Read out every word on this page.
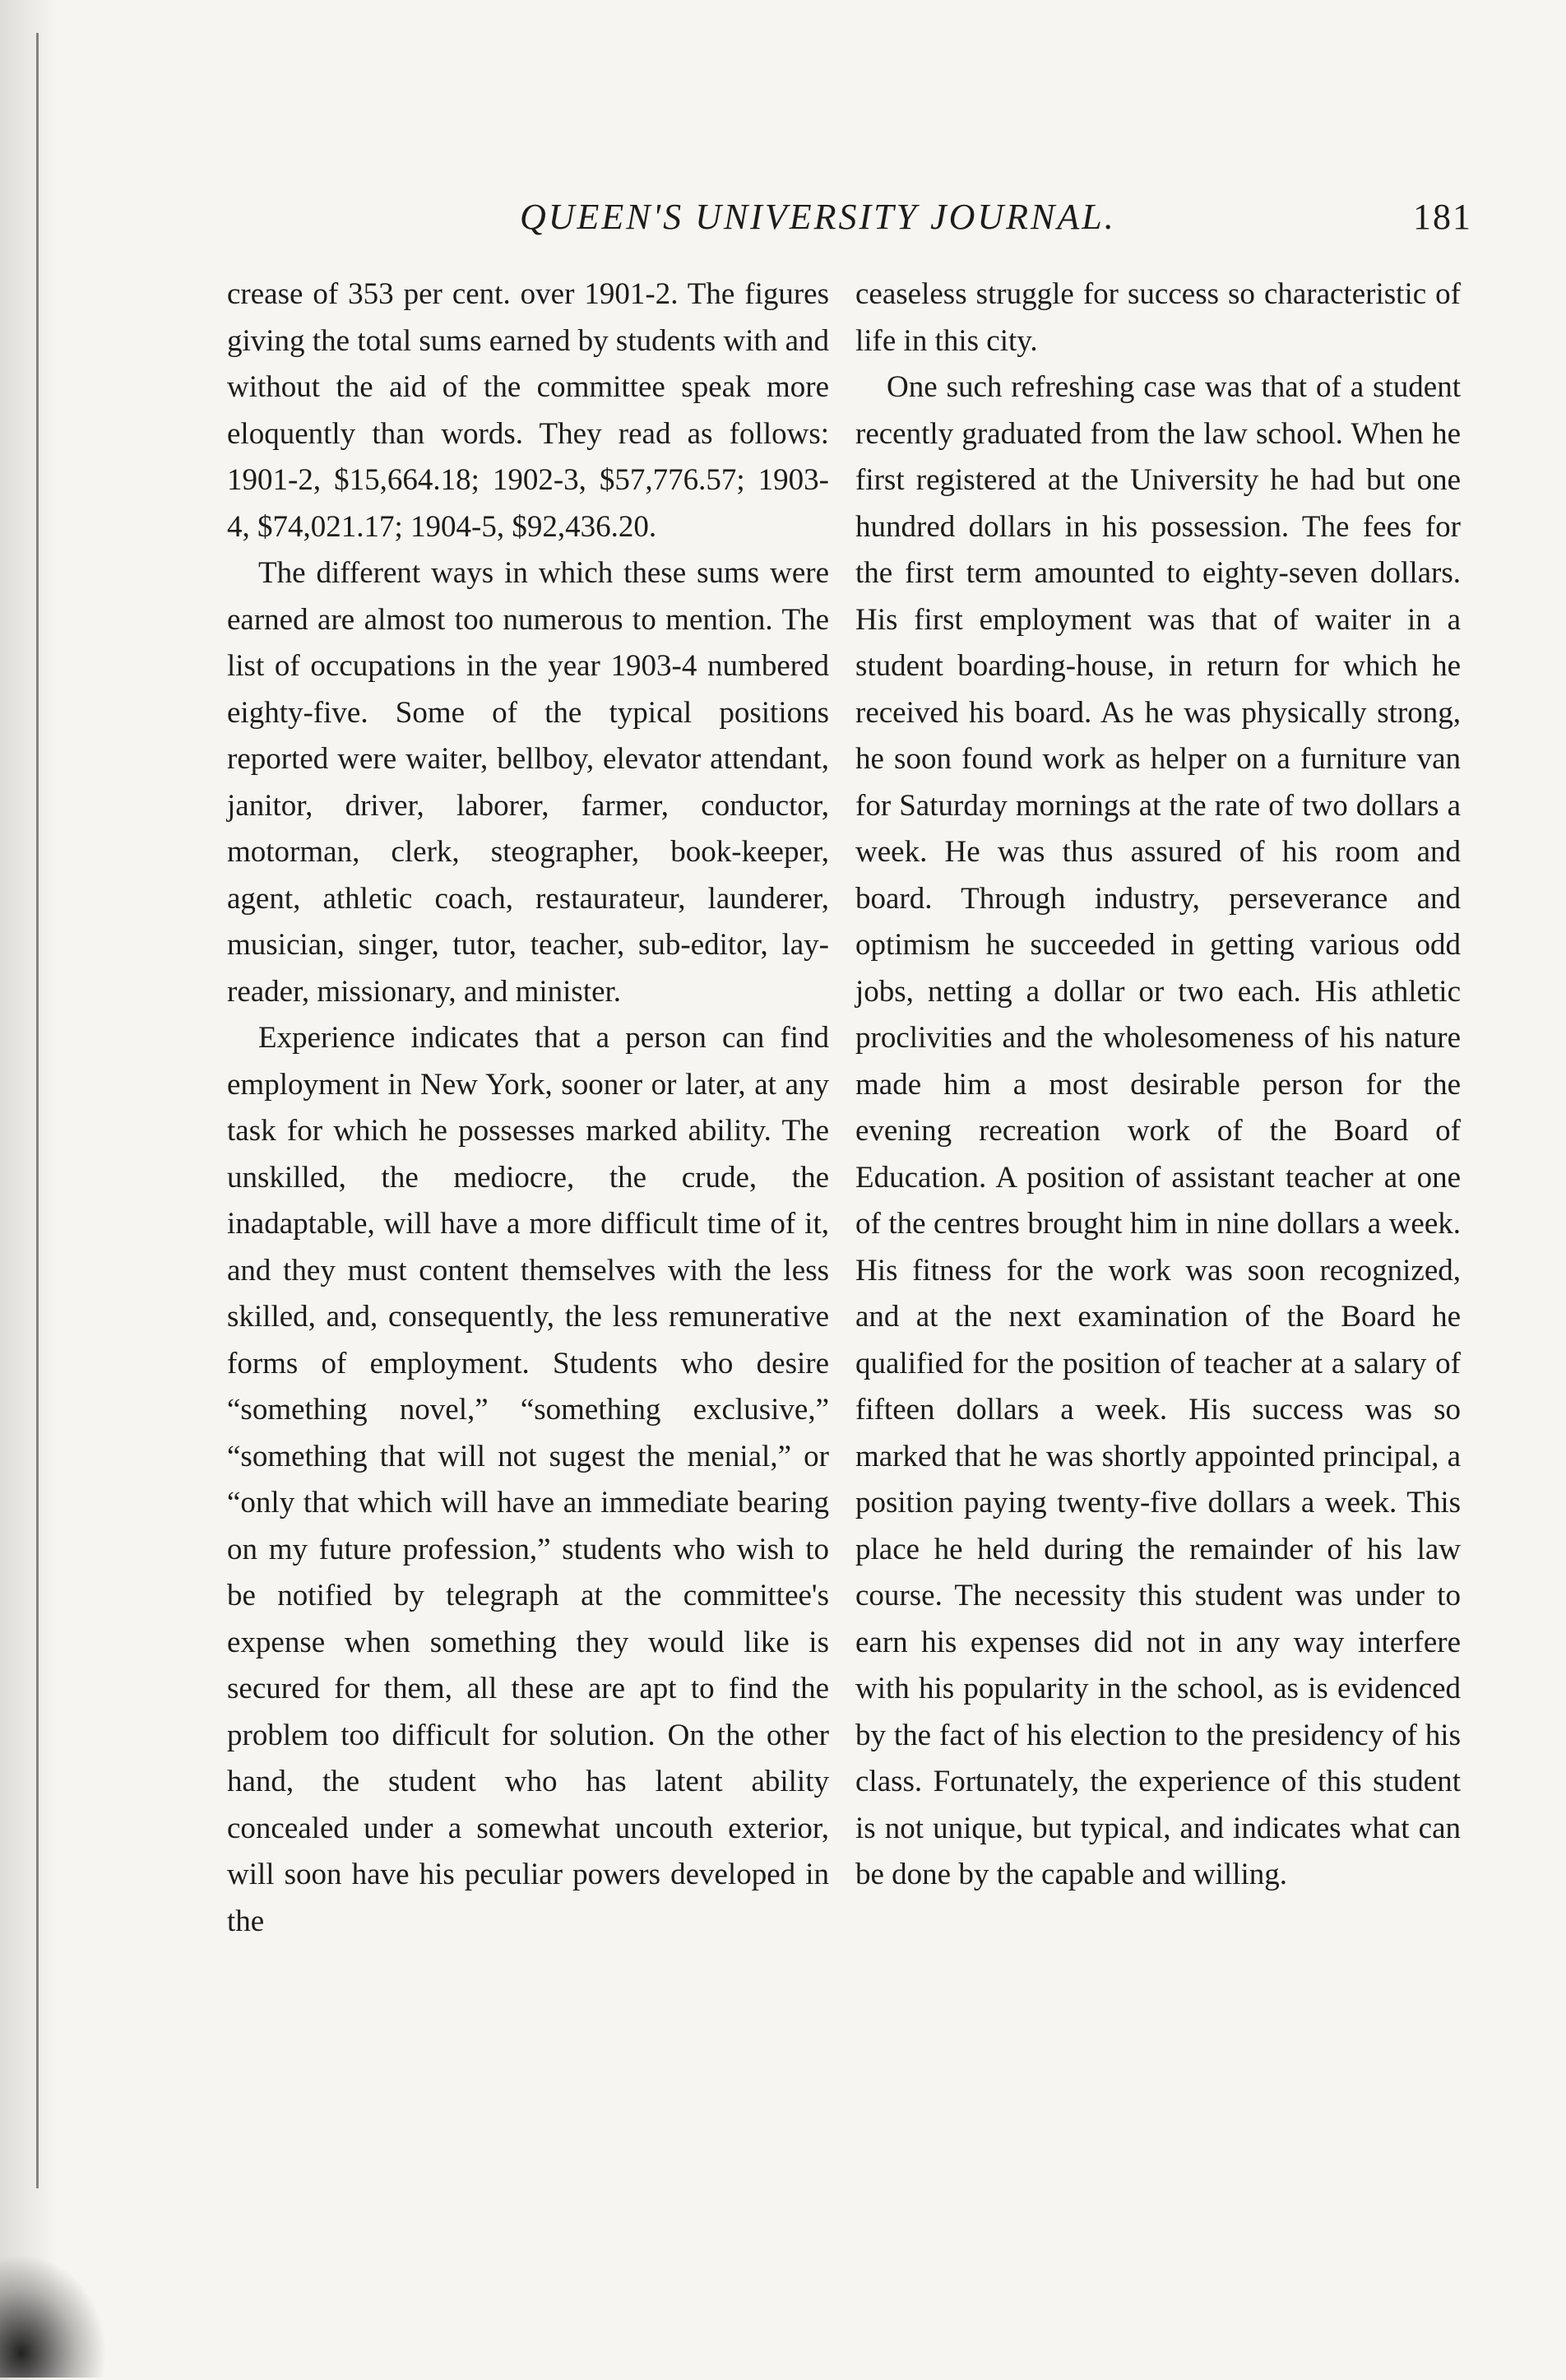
QUEEN'S UNIVERSITY JOURNAL.	181

crease of 353 per cent. over 1901-2. The figures giving the total sums earned by students with and without the aid of the committee speak more eloquently than words. They read as follows: 1901-2, $15,664.18; 1902-3, $57,776.57; 1903-4, $74,021.17; 1904-5, $92,436.20.

The different ways in which these sums were earned are almost too numerous to mention. The list of occupations in the year 1903-4 numbered eighty-five. Some of the typical positions reported were waiter, bellboy, elevator attendant, janitor, driver, laborer, farmer, conductor, motorman, clerk, steographer, book-keeper, agent, athletic coach, restaurateur, launderer, musician, singer, tutor, teacher, sub-editor, lay-reader, missionary, and minister.

Experience indicates that a person can find employment in New York, sooner or later, at any task for which he possesses marked ability. The unskilled, the mediocre, the crude, the inadaptable, will have a more difficult time of it, and they must content themselves with the less skilled, and, consequently, the less remunerative forms of employment. Students who desire “something novel,” “something exclusive,” “something that will not sugest the menial,” or “only that which will have an immediate bearing on my future profession,” students who wish to be notified by telegraph at the committee's expense when something they would like is secured for them, all these are apt to find the problem too difficult for solution. On the other hand, the student who has latent ability concealed under a somewhat uncouth exterior, will soon have his peculiar powers developed in the

ceaseless struggle for success so characteristic of life in this city.

One such refreshing case was that of a student recently graduated from the law school. When he first registered at the University he had but one hundred dollars in his possession. The fees for the first term amounted to eighty-seven dollars. His first employment was that of waiter in a student boarding-house, in return for which he received his board. As he was physically strong, he soon found work as helper on a furniture van for Saturday mornings at the rate of two dollars a week. He was thus assured of his room and board. Through industry, perseverance and optimism he succeeded in getting various odd jobs, netting a dollar or two each. His athletic proclivities and the wholesomeness of his nature made him a most desirable person for the evening recreation work of the Board of Education. A position of assistant teacher at one of the centres brought him in nine dollars a week. His fitness for the work was soon recognized, and at the next examination of the Board he qualified for the position of teacher at a salary of fifteen dollars a week. His success was so marked that he was shortly appointed principal, a position paying twenty-five dollars a week. This place he held during the remainder of his law course. The necessity this student was under to earn his expenses did not in any way interfere with his popularity in the school, as is evidenced by the fact of his election to the presidency of his class. Fortunately, the experience of this student is not unique, but typical, and indicates what can be done by the capable and willing.
